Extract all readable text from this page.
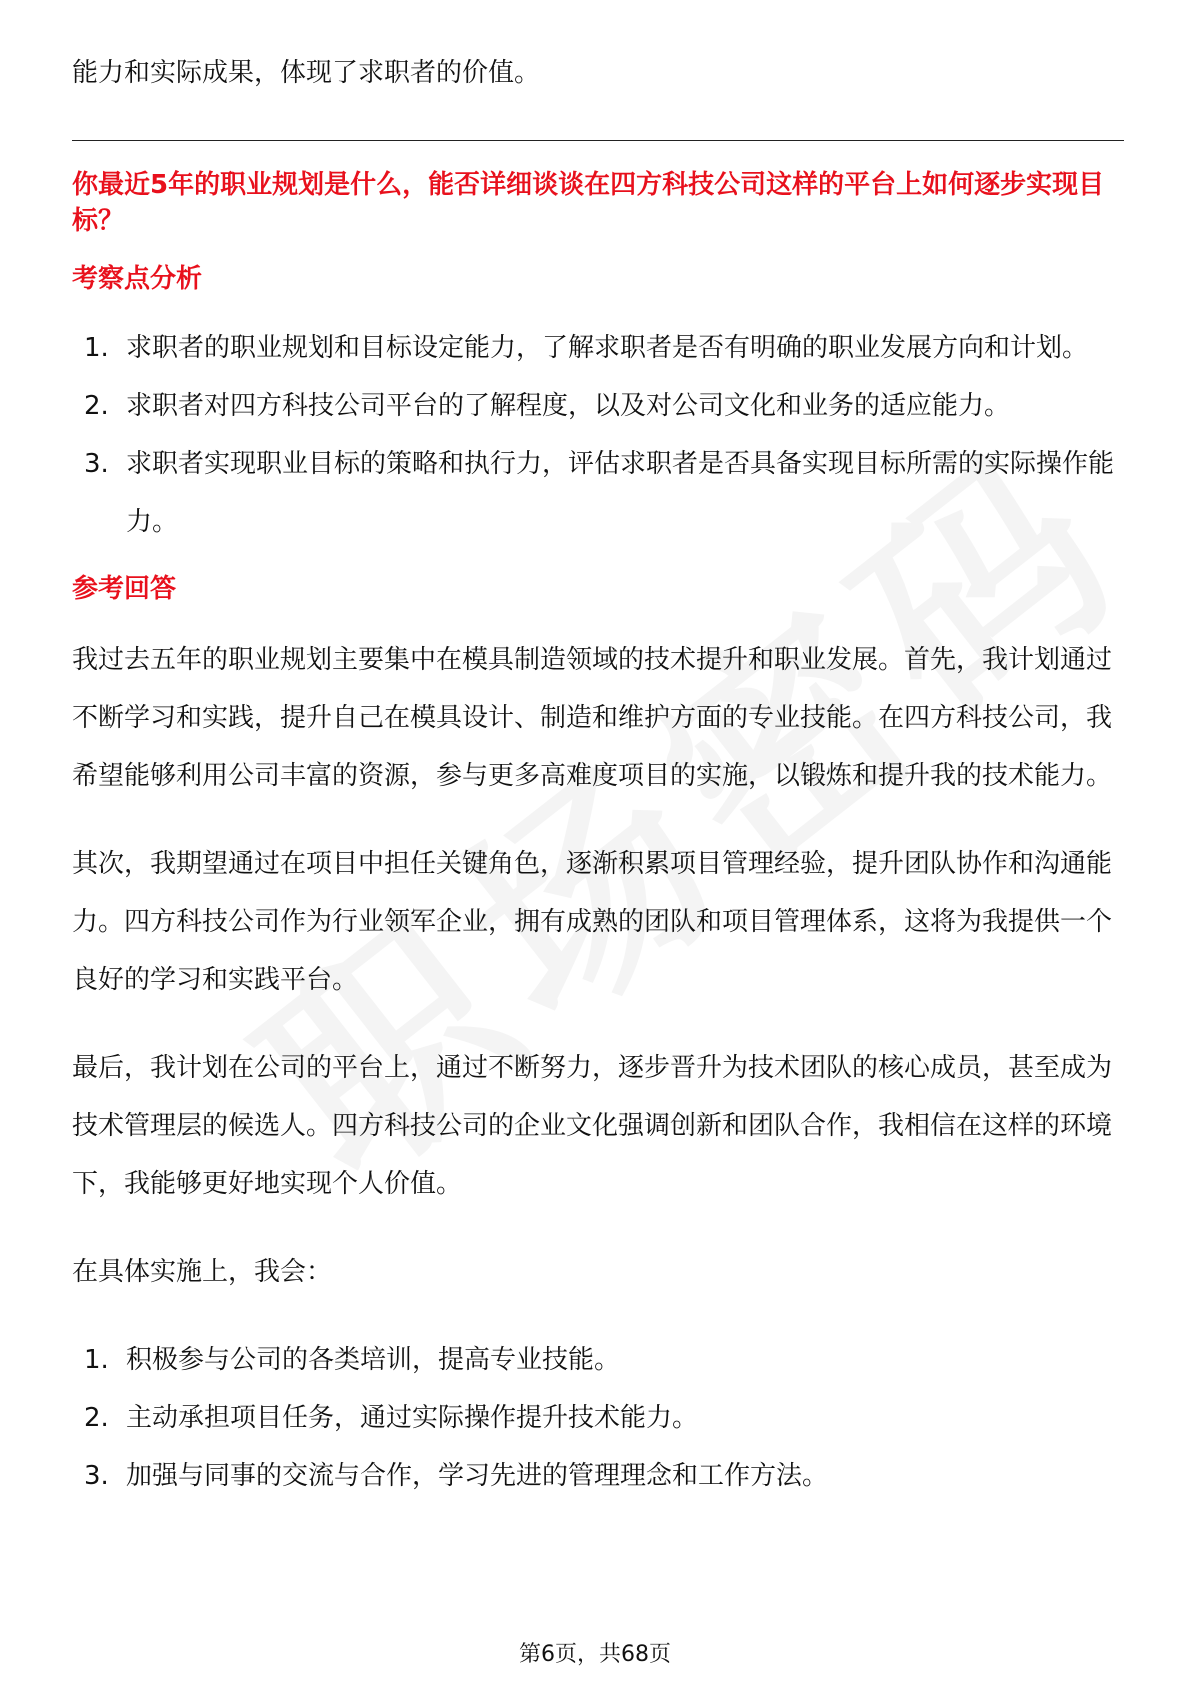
能力和实际成果，体现了求职者的价值。

你最近5年的职业规划是什么，能否详细谈谈在四方科技公司这样的平台上如何逐步实现目标？

考察点分析

1. 求职者的职业规划和目标设定能力，了解求职者是否有明确的职业发展方向和计划。
2. 求职者对四方科技公司平台的了解程度，以及对公司文化和业务的适应能力。
3. 求职者实现职业目标的策略和执行力，评估求职者是否具备实现目标所需的实际操作能力。

参考回答

我过去五年的职业规划主要集中在模具制造领域的技术提升和职业发展。首先，我计划通过不断学习和实践，提升自己在模具设计、制造和维护方面的专业技能。在四方科技公司，我希望能够利用公司丰富的资源，参与更多高难度项目的实施，以锻炼和提升我的技术能力。

其次，我期望通过在项目中担任关键角色，逐渐积累项目管理经验，提升团队协作和沟通能力。四方科技公司作为行业领军企业，拥有成熟的团队和项目管理体系，这将为我提供一个良好的学习和实践平台。

最后，我计划在公司的平台上，通过不断努力，逐步晋升为技术团队的核心成员，甚至成为技术管理层的候选人。四方科技公司的企业文化强调创新和团队合作，我相信在这样的环境下，我能够更好地实现个人价值。

在具体实施上，我会：

1. 积极参与公司的各类培训，提高专业技能。
2. 主动承担项目任务，通过实际操作提升技术能力。
3. 加强与同事的交流与合作，学习先进的管理理念和工作方法。
第6页，共68页
